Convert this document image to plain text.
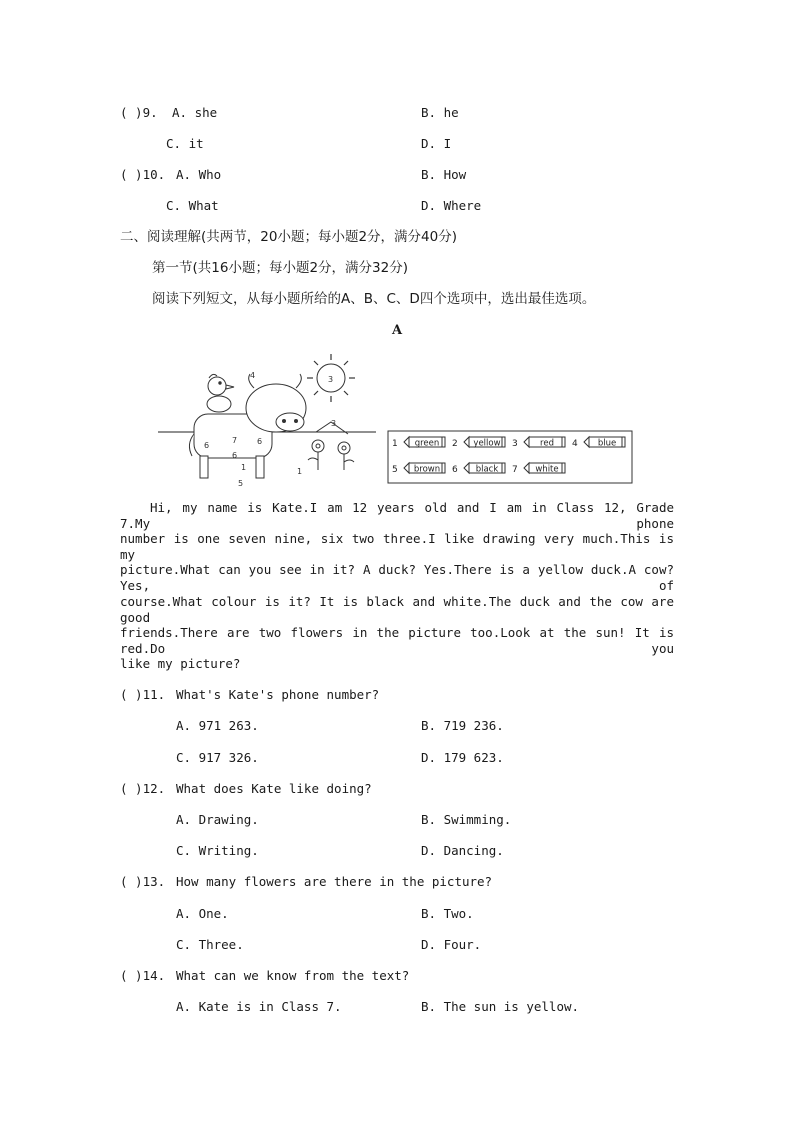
( )9. A. she	B. he
C. it	D. I
( )10. A. Who	B. How
C. What	D. Where
二、阅读理解(共两节，20小题；每小题2分，满分40分)
第一节(共16小题；每小题2分，满分32分)
阅读下列短文，从每小题所给的A、B、C、D四个选项中，选出最佳选项。
A
4	3
6
7 6
6
1
5
3
1
1 green 2 yellow 3	red 4 blue
5 brown 6 black 7 white
Hi, my name is Kate.I am 12 years old and I am in Class 12, Grade 7.My phone
number is one seven nine, six two three.I like drawing very much.This is my
picture.What can you see in it? A duck? Yes.There is a yellow duck.A cow? Yes, of
course.What colour is it? It is black and white.The duck and the cow are good
friends.There are two flowers in the picture too.Look at the sun! It is red.Do you
like my picture?
( )11. What's Kate's phone number?
A. 971 263.	B. 719 236.
C. 917 326.	D. 179 623.
( )12. What does Kate like doing?
A. Drawing.	B. Swimming.
C. Writing.	D. Dancing.
( )13. How many flowers are there in the picture?
A. One.	B. Two.
C. Three.	D. Four.
( )14. What can we know from the text?
A. Kate is in Class 7.	B. The sun is yellow.
